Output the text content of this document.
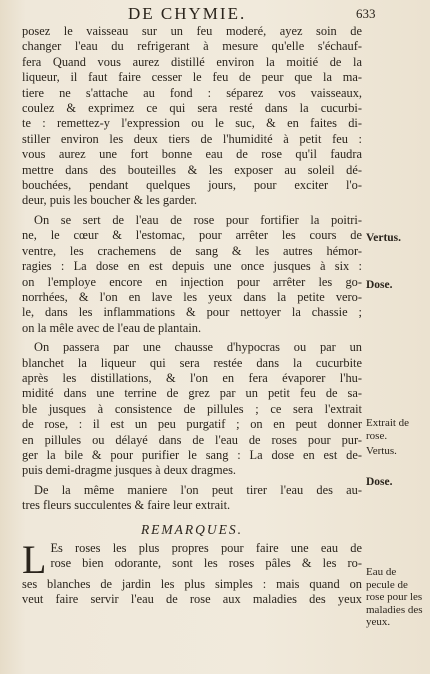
DE CHYMIE.	633
posez le vaisseau sur un feu moderé, ayez soin de
changer l'eau du refrigerant à mesure qu'elle s'échauf-
fera Quand vous aurez distillé environ la moitié de la
liqueur, il faut faire cesser le feu de peur que la ma-
tiere ne s'attache au fond : séparez vos vaisseaux,
coulez & exprimez ce qui sera resté dans la cucurbi-
te : remettez-y l'expression ou le suc, & en faites di-
stiller environ les deux tiers de l'humidité à petit feu :
vous aurez une fort bonne eau de rose qu'il faudra
mettre dans des bouteilles & les exposer au soleil dé-
bouchées, pendant quelques jours, pour exciter l'o-
deur, puis les boucher & les garder.
On se sert de l'eau de rose pour fortifier la poitri-
ne, le cœur & l'estomac, pour arrêter les cours de
ventre, les crachemens de sang & les autres hémor-
ragies : La dose en est depuis une once jusques à six :
on l'employe encore en injection pour arrêter les go-
norrhées, & l'on en lave les yeux dans la petite vero-
le, dans les inflammations & pour nettoyer la chassie ;
on la mêle avec de l'eau de plantain.
On passera par une chausse d'hypocras ou par un
blanchet la liqueur qui sera restée dans la cucurbite
après les distillations, & l'on en fera évaporer l'hu-
midité dans une terrine de grez par un petit feu de sa-
ble jusques à consistence de pillules ; ce sera l'extrait
de rose, : il est un peu purgatif ; on en peut donner
en pillules ou délayé dans de l'eau de roses pour pur-
ger la bile & pour purifier le sang : La dose en est de-
puis demi-dragme jusques à deux dragmes.
De la même maniere l'on peut tirer l'eau des au-
tres fleurs succulentes & faire leur extrait.
REMARQUES.
L Es roses les plus propres pour faire une eau de
rose bien odorante, sont les roses pâles & les ro-
ses blanches de jardin les plus simples : mais quand on
veut faire servir l'eau de rose aux maladies des yeux
Vertus.
Dose.
Extrait de rose.
Vertus.
Dose.
Eau de pecule de rose pour les maladies des yeux.
